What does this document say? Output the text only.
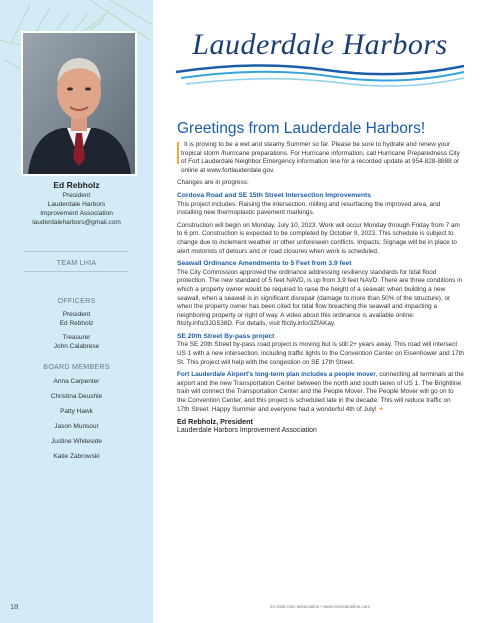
Ed Rebholz
President
Lauderdale Harbors
Improvement Association
lauderdaleharbors@gmail.com
TEAM LHIA
OFFICERS
President
Ed Rebholz
Treasurer
John Calabrese
BOARD MEMBERS
Anna Carpenter
Christina Deushle
Patty Hawk
Jason Munsour
Justine Whiteside
Katie Zabrowski
18
Lauderdale Harbors
Greetings from Lauderdale Harbors!

It is proving to be a wet and steamy Summer so far. Please be sure to hydrate and renew your tropical storm /hurricane preparations. For Hurricane information, call Hurricane Preparedness City of Fort Lauderdale Neighbor Emergency information line for a recorded update at 954-828-8888 or online at www.fortlauderdale.gov.

Changes are in progress:

Cordova Road and SE 15th Street Intersection Improvements

This project includes: Raising the intersection, milling and resurfacing the improved area, and installing new thermoplastic pavement markings.

Construction will begin on Monday, July 10, 2023. Work will occur Monday through Friday from 7 am to 6 pm. Construction is expected to be completed by October 9, 2023. This schedule is subject to change due to inclement weather or other unforeseen conflicts. Impacts: Signage will be in place to alert motorists of detours and or road closures when work is scheduled.

Seawall Ordinance Amendments to 5 Feet from 3.9 feet

The City Commission approved the ordinance addressing resiliency standards for tidal flood protection. The new standard of 5 feet NAVD, is up from 3.9 feet NAVD. There are three conditions in which a property owner would be required to raise the height of a seawall: when building a new seawall, when a seawall is in significant disrepair (damage to more than 50% of the structure), or when the property owner has been cited for tidal flow breaching the seawall and impacting a neighboring property or right of way. A video about this ordinance is available online: ftlcity.info/3JG538D. For details, visit ftlcity.info/3ZfAKay.

SE 20th Street By-pass project

The SE 20th Street by-pass road project is moving but is still 2+ years away. This road will intersect US 1 with a new intersection, including traffic lights to the Convention Center on Eisenhower and 17th St. This project will help with the congestion on SE 17th Street.

Fort Lauderdale Airport's long-term plan includes a people mover, connecting all terminals at the airport and the new Transportation Center between the north and south lanes of US 1. The Brightline train will connect the Transportation Center and the People Mover. The People Mover will go on to the Convention Center, and this project is scheduled late in the decade. This will reduce traffic on 17th Street. Happy Summer and everyone had a wonderful 4th of July! ✦

Ed Rebholz, President

Lauderdale Harbors Improvement Association

rio vista civic association • www.riovistaonline.com
